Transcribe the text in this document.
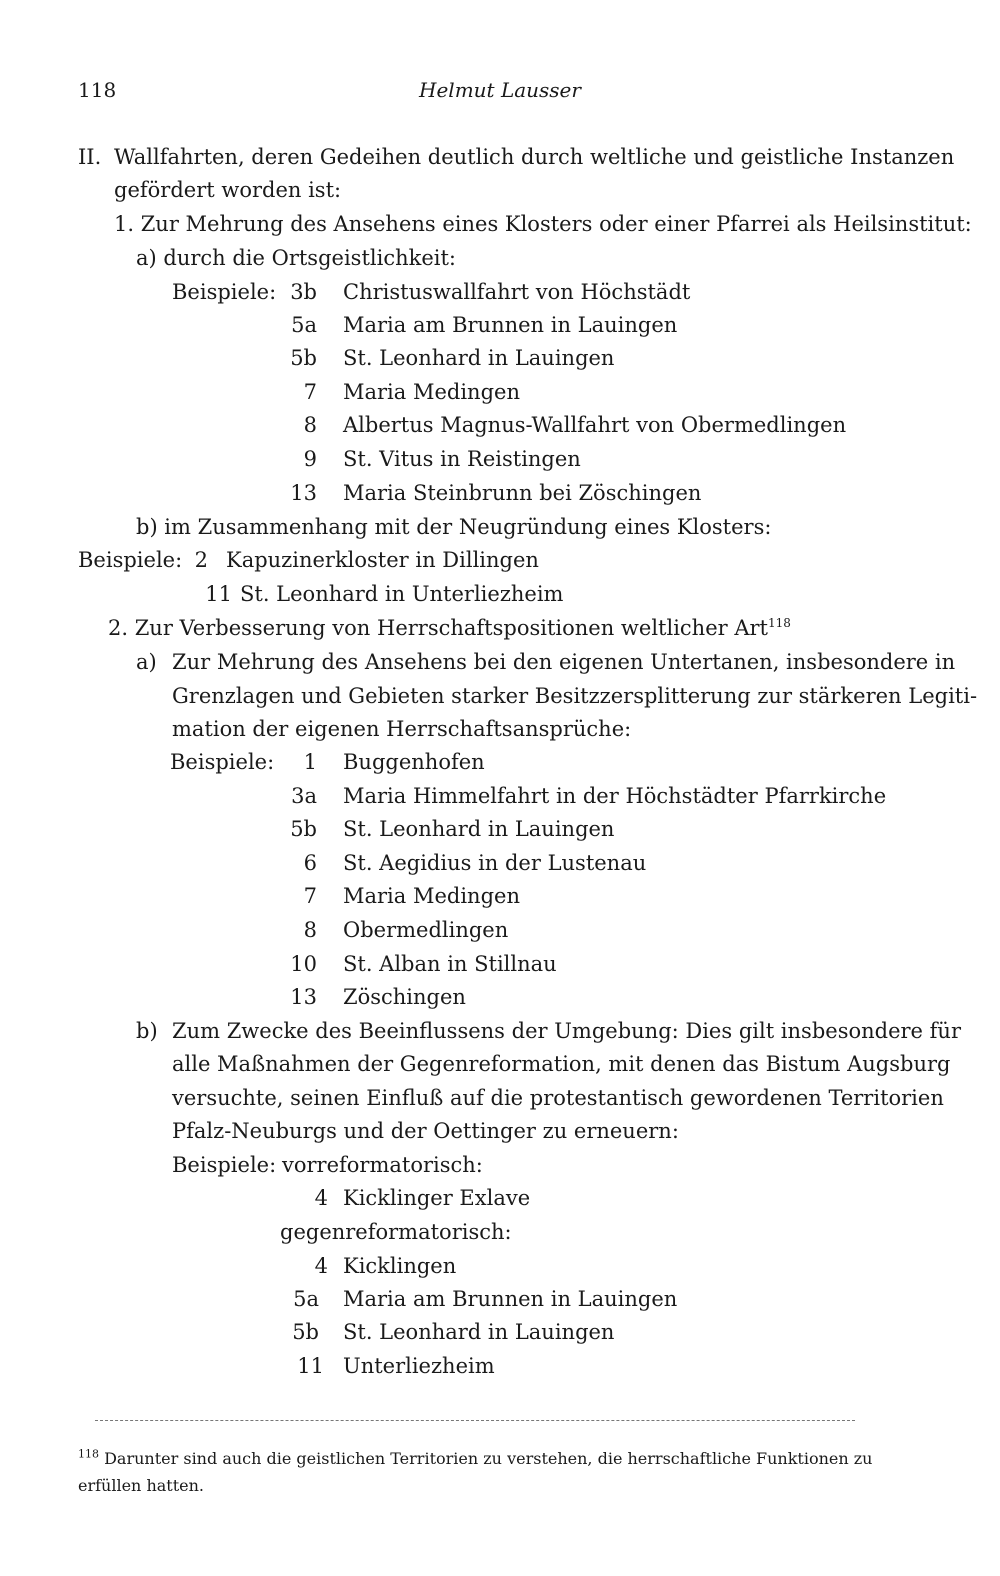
118	Helmut Lausser
II. Wallfahrten, deren Gedeihen deutlich durch weltliche und geistliche Instanzen
gefördert worden ist:
1. Zur Mehrung des Ansehens eines Klosters oder einer Pfarrei als Heilsinstitut:
a) durch die Ortsgeistlichkeit:
Beispiele: 3b Christuswallfahrt von Höchstädt
5a Maria am Brunnen in Lauingen
5b St. Leonhard in Lauingen
7 Maria Medingen
8 Albertus Magnus-Wallfahrt von Obermedlingen
9 St. Vitus in Reistingen
13 Maria Steinbrunn bei Zöschingen
b) im Zusammenhang mit der Neugründung eines Klosters:
Beispiele: 2 Kapuzinerkloster in Dillingen
11 St. Leonhard in Unterliezheim
2. Zur Verbesserung von Herrschaftspositionen weltlicher Art$^{118}$
a) Zur Mehrung des Ansehens bei den eigenen Untertanen, insbesondere in
Grenzlagen und Gebieten starker Besitzzersplitterung zur stärkeren Legiti-
mation der eigenen Herrschaftsansprüche:
Beispiele:	1 Buggenhofen
3a Maria Himmelfahrt in der Höchstädter Pfarrkirche
5b St. Leonhard in Lauingen
6 St. Aegidius in der Lustenau
7 Maria Medingen
8 Obermedlingen
10 St. Alban in Stillnau
13 Zöschingen
b) Zum Zwecke des Beeinflussens der Umgebung: Dies gilt insbesondere für
alle Maßnahmen der Gegenreformation, mit denen das Bistum Augsburg
versuchte, seinen Einfluß auf die protestantisch gewordenen Territorien
Pfalz-Neuburgs und der Oettinger zu erneuern:
Beispiele: vorreformatorisch:
4 Kicklinger Exlave
gegenreformatorisch:
4 Kicklingen
5a Maria am Brunnen in Lauingen
5b St. Leonhard in Lauingen
11 Unterliezheim
$^{118}$ Darunter sind auch die geistlichen Territorien zu verstehen, die herrschaftliche Funktionen zu
erfüllen hatten.
